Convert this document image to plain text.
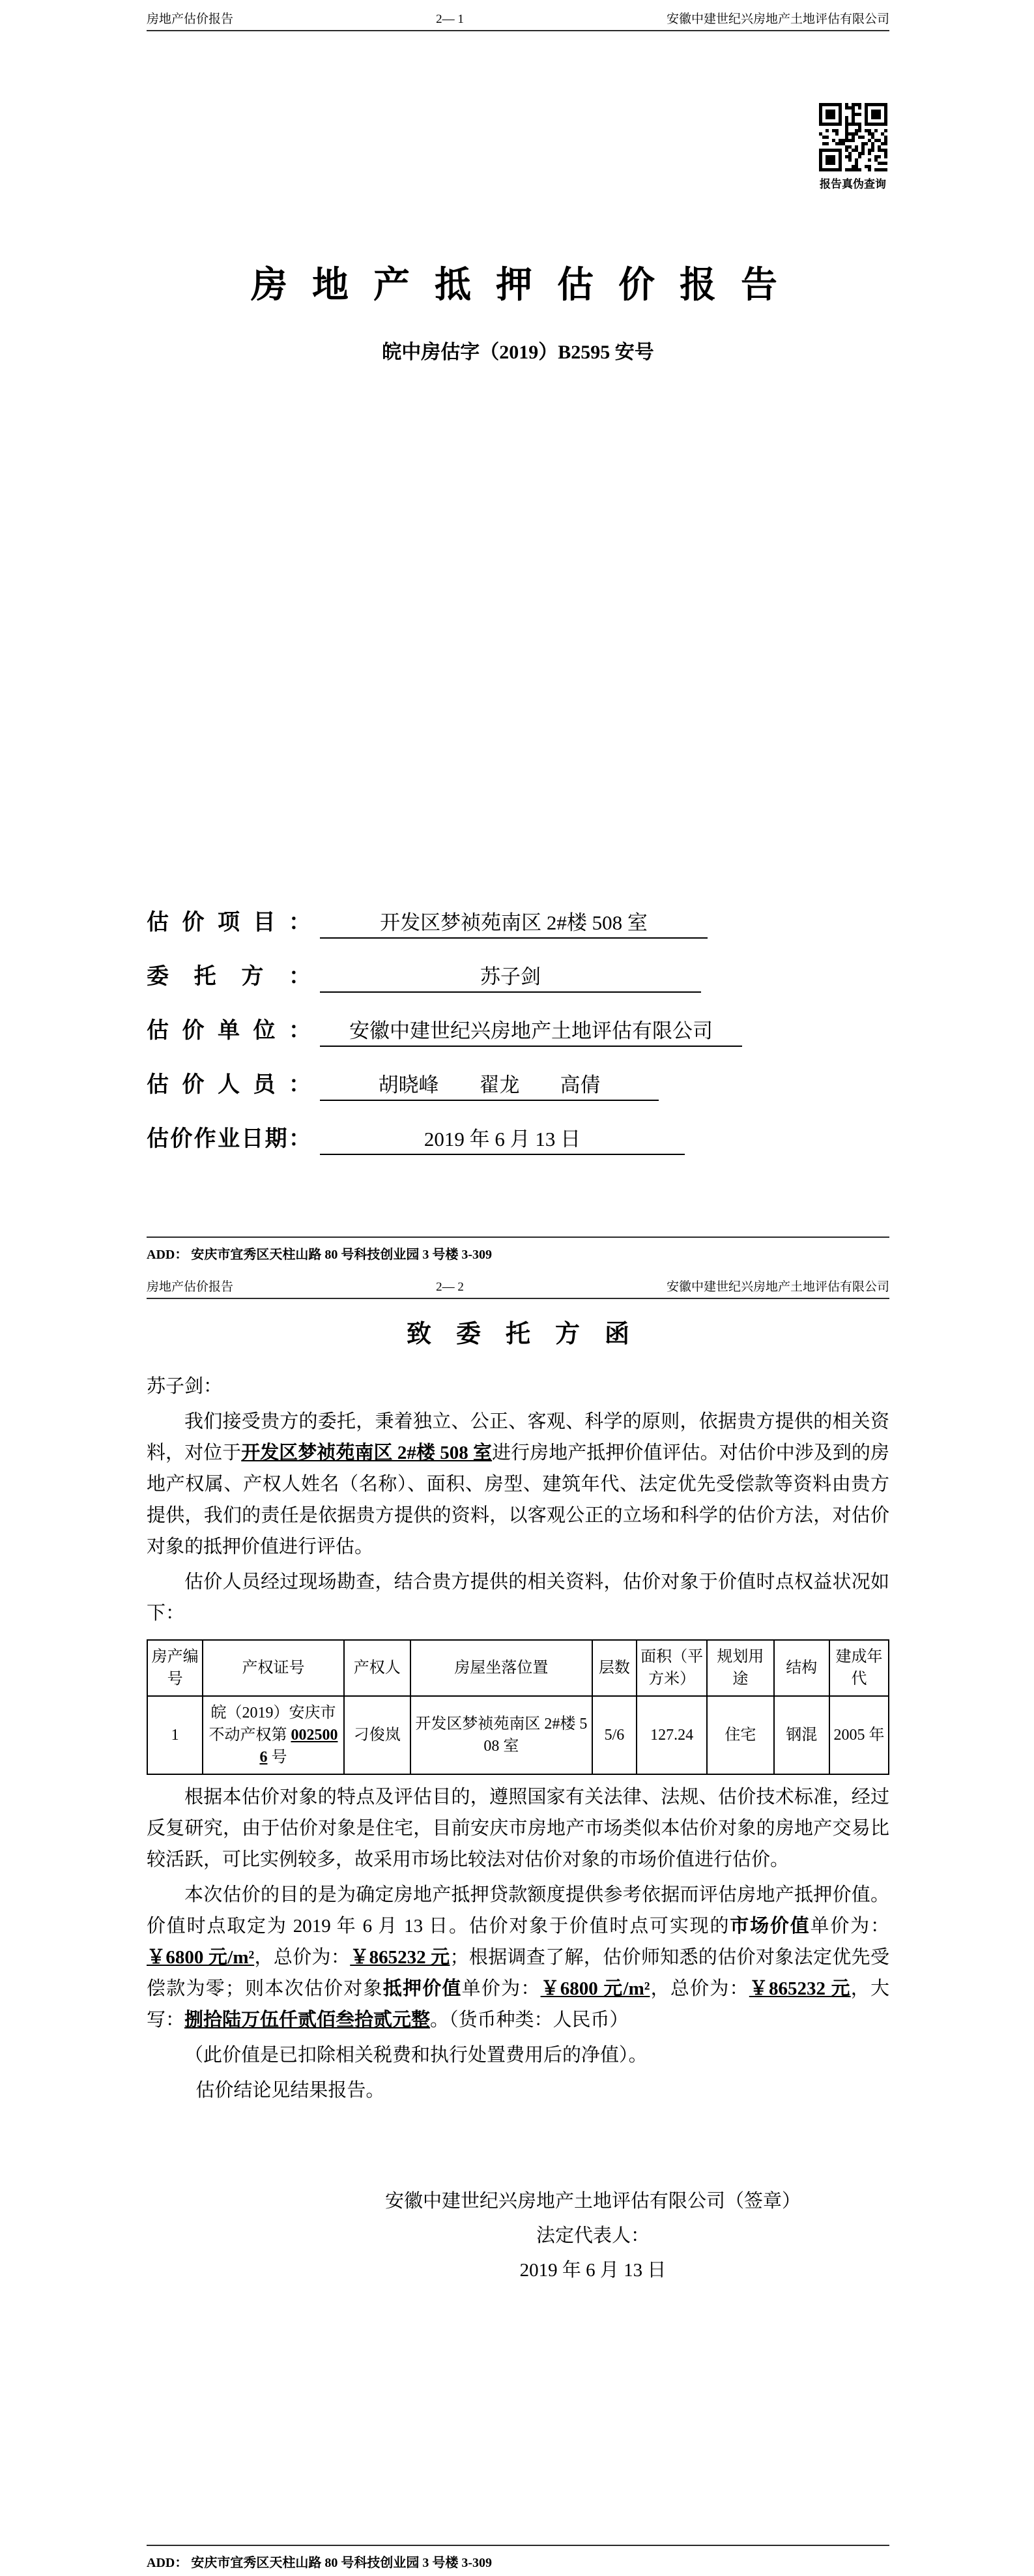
房地产估价报告	2— 1	安徽中建世纪兴房地产土地评估有限公司
报告真伪查询
房 地 产 抵 押 估 价 报 告
皖中房估字（2019）B2595 安号
估价项目：	开发区梦祯苑南区 2#楼 508 室
委托方：	苏子剑
估价单位：	安徽中建世纪兴房地产土地评估有限公司
估价人员：	胡晓峰　　翟龙　　高倩
估价作业日期：	2019 年 6 月 13 日
ADD： 安庆市宜秀区天柱山路 80 号科技创业园 3 号楼 3-309
房地产估价报告	2— 2	安徽中建世纪兴房地产土地评估有限公司
致　委　托　方　函
苏子剑：

我们接受贵方的委托，秉着独立、公正、客观、科学的原则，依据贵方提供的相关资料，对位于开发区梦祯苑南区 2#楼 508 室进行房地产抵押价值评估。对估价中涉及到的房地产权属、产权人姓名（名称）、面积、房型、建筑年代、法定优先受偿款等资料由贵方提供，我们的责任是依据贵方提供的资料，以客观公正的立场和科学的估价方法，对估价对象的抵押价值进行评估。

估价人员经过现场勘查，结合贵方提供的相关资料，估价对象于价值时点权益状况如下：

房产编号	产权证号	产权人	房屋坐落位置	层数	面积（平方米）	规划用途	结构	建成年代
1	皖（2019）安庆市不动产权第 0025006 号	刁俊岚	开发区梦祯苑南区 2#楼 508 室	5/6	127.24	住宅	钢混	2005 年

根据本估价对象的特点及评估目的，遵照国家有关法律、法规、估价技术标准，经过反复研究，由于估价对象是住宅，目前安庆市房地产市场类似本估价对象的房地产交易比较活跃，可比实例较多，故采用市场比较法对估价对象的市场价值进行估价。

本次估价的目的是为确定房地产抵押贷款额度提供参考依据而评估房地产抵押价值。价值时点取定为 2019 年 6 月 13 日。估价对象于价值时点可实现的市场价值单价为：￥6800 元/m²，总价为：￥865232 元；根据调查了解，估价师知悉的估价对象法定优先受偿款为零；则本次估价对象抵押价值单价为：￥6800 元/m²，总价为：￥865232 元，大写：捌拾陆万伍仟贰佰叁拾贰元整。（货币种类：人民币）

（此价值是已扣除相关税费和执行处置费用后的净值）。

估价结论见结果报告。

安徽中建世纪兴房地产土地评估有限公司（签章）
法定代表人：
2019 年 6 月 13 日
ADD： 安庆市宜秀区天柱山路 80 号科技创业园 3 号楼 3-309
